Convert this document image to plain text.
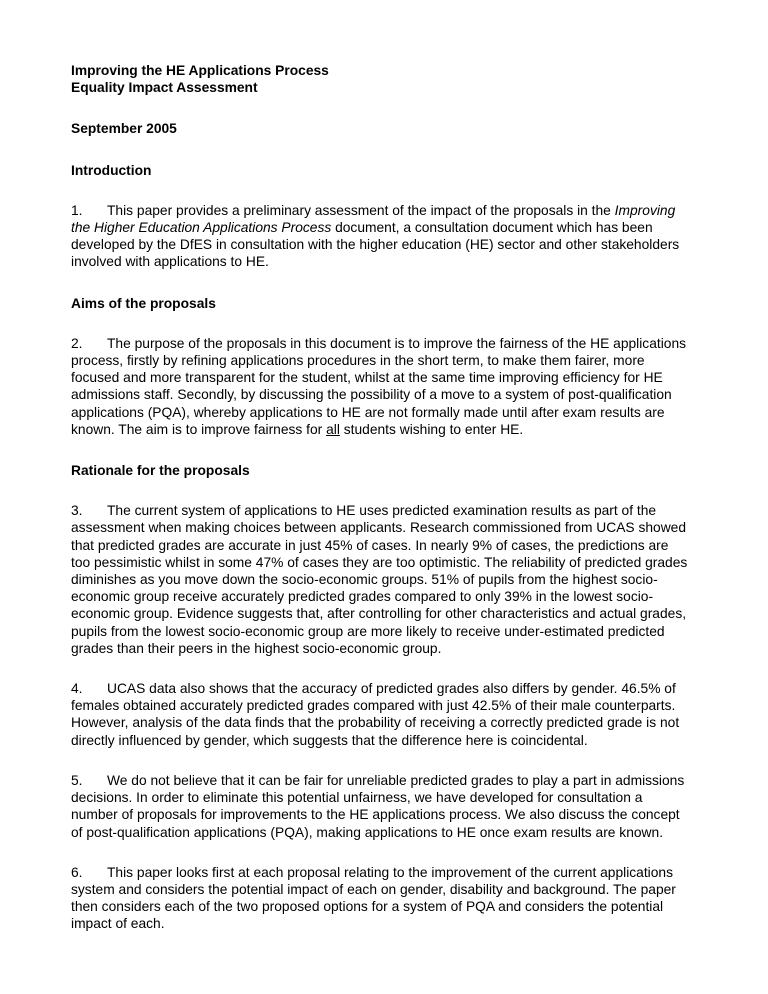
Improving the HE Applications Process
Equality Impact Assessment
September 2005
Introduction

1. This paper provides a preliminary assessment of the impact of the proposals in the Improving the Higher Education Applications Process document, a consultation document which has been developed by the DfES in consultation with the higher education (HE) sector and other stakeholders involved with applications to HE.

Aims of the proposals

2. The purpose of the proposals in this document is to improve the fairness of the HE applications process, firstly by refining applications procedures in the short term, to make them fairer, more focused and more transparent for the student, whilst at the same time improving efficiency for HE admissions staff. Secondly, by discussing the possibility of a move to a system of post-qualification applications (PQA), whereby applications to HE are not formally made until after exam results are known. The aim is to improve fairness for all students wishing to enter HE.

Rationale for the proposals

3. The current system of applications to HE uses predicted examination results as part of the assessment when making choices between applicants. Research commissioned from UCAS showed that predicted grades are accurate in just 45% of cases. In nearly 9% of cases, the predictions are too pessimistic whilst in some 47% of cases they are too optimistic. The reliability of predicted grades diminishes as you move down the socio-economic groups. 51% of pupils from the highest socio-economic group receive accurately predicted grades compared to only 39% in the lowest socio-economic group. Evidence suggests that, after controlling for other characteristics and actual grades, pupils from the lowest socio-economic group are more likely to receive under-estimated predicted grades than their peers in the highest socio-economic group.

4. UCAS data also shows that the accuracy of predicted grades also differs by gender. 46.5% of females obtained accurately predicted grades compared with just 42.5% of their male counterparts. However, analysis of the data finds that the probability of receiving a correctly predicted grade is not directly influenced by gender, which suggests that the difference here is coincidental.

5. We do not believe that it can be fair for unreliable predicted grades to play a part in admissions decisions. In order to eliminate this potential unfairness, we have developed for consultation a number of proposals for improvements to the HE applications process. We also discuss the concept of post-qualification applications (PQA), making applications to HE once exam results are known.

6. This paper looks first at each proposal relating to the improvement of the current applications system and considers the potential impact of each on gender, disability and background. The paper then considers each of the two proposed options for a system of PQA and considers the potential impact of each.
